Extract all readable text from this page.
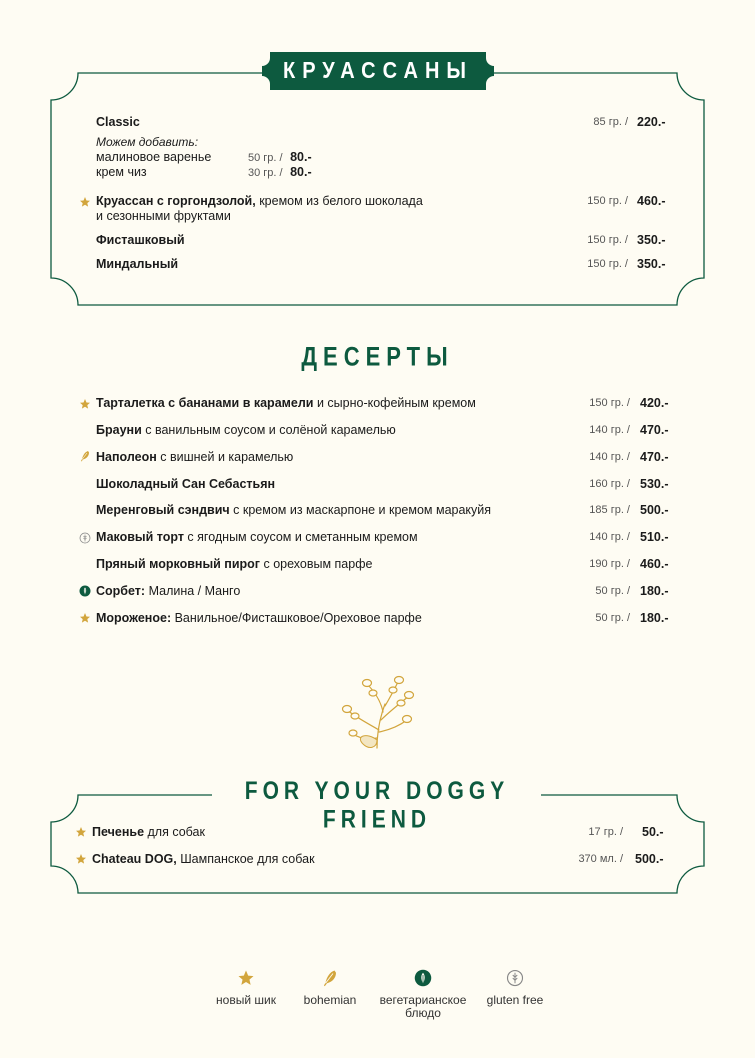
КРУАССАНЫ
Classic	85 гр. / 220.-
Можем добавить:
малиновое варенье	50 гр. / 80.-
крем чиз	30 гр. / 80.-
Круассан с горгондзолой, кремом из белого шоколада
и сезонными фруктами
150 гр. / 460.-
Фисташковый	150 гр. / 350.-
Миндальный	150 гр. / 350.-
ДЕСЕРТЫ
Тарталетка с бананами в карамели и сырно-кофейным кремом	150 гр. / 420.-
Брауни с ванильным соусом и солёной карамелью	140 гр. / 470.-
Наполеон с вишней и карамелью	140 гр. / 470.-
Шоколадный Сан Себастьян	160 гр. / 530.-
Меренговый сэндвич с кремом из маскарпоне и кремом маракуйя	185 гр. / 500.-
Маковый торт с ягодным соусом и сметанным кремом	140 гр. / 510.-
Пряный морковный пирог с ореховым парфе	190 гр. / 460.-
Сорбет: Малина / Манго	50 гр. / 180.-
Мороженое: Ванильное/Фисташковое/Ореховое парфе	50 гр. / 180.-
FOR YOUR DOGGY FRIEND
Печенье для собак	17 гр. / 50.-
Chateau DOG, Шампанское для собак	370 мл. / 500.-
новый шик	bohemian	вегетарианское
блюдо
gluten free
